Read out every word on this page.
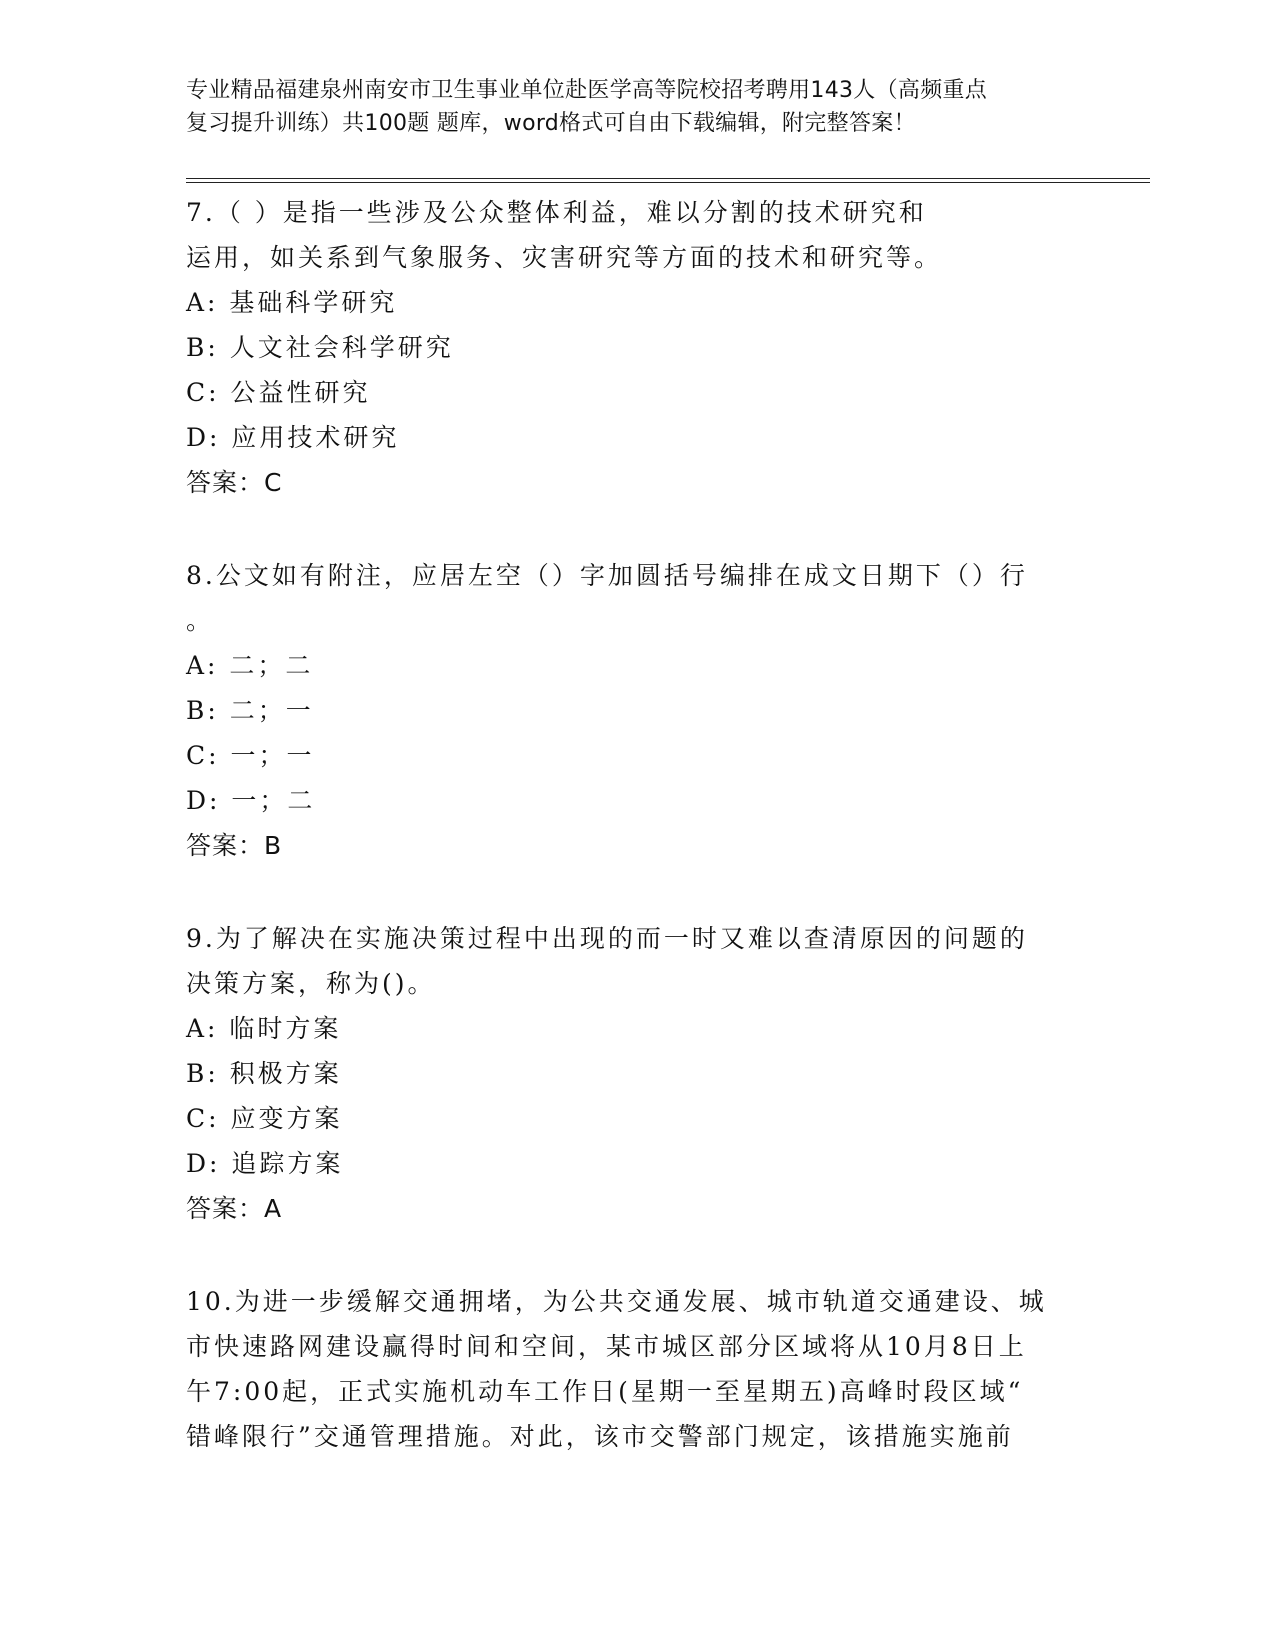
专业精品福建泉州南安市卫生事业单位赴医学高等院校招考聘用143人（高频重点
复习提升训练）共100题 题库，word格式可自由下载编辑，附完整答案！
7.（ ）是指一些涉及公众整体利益，难以分割的技术研究和
运用，如关系到气象服务、灾害研究等方面的技术和研究等。
A: 基础科学研究
B: 人文社会科学研究
C: 公益性研究
D: 应用技术研究
答案：C
8.公文如有附注，应居左空（）字加圆括号编排在成文日期下（）行
。
A: 二；二
B: 二；一
C: 一；一
D: 一；二
答案：B
9.为了解决在实施决策过程中出现的而一时又难以查清原因的问题的
决策方案，称为()。
A: 临时方案
B: 积极方案
C: 应变方案
D: 追踪方案
答案：A
10.为进一步缓解交通拥堵，为公共交通发展、城市轨道交通建设、城
市快速路网建设赢得时间和空间，某市城区部分区域将从10月8日上
午7:00起，正式实施机动车工作日(星期一至星期五)高峰时段区域“
错峰限行”交通管理措施。对此，该市交警部门规定，该措施实施前
